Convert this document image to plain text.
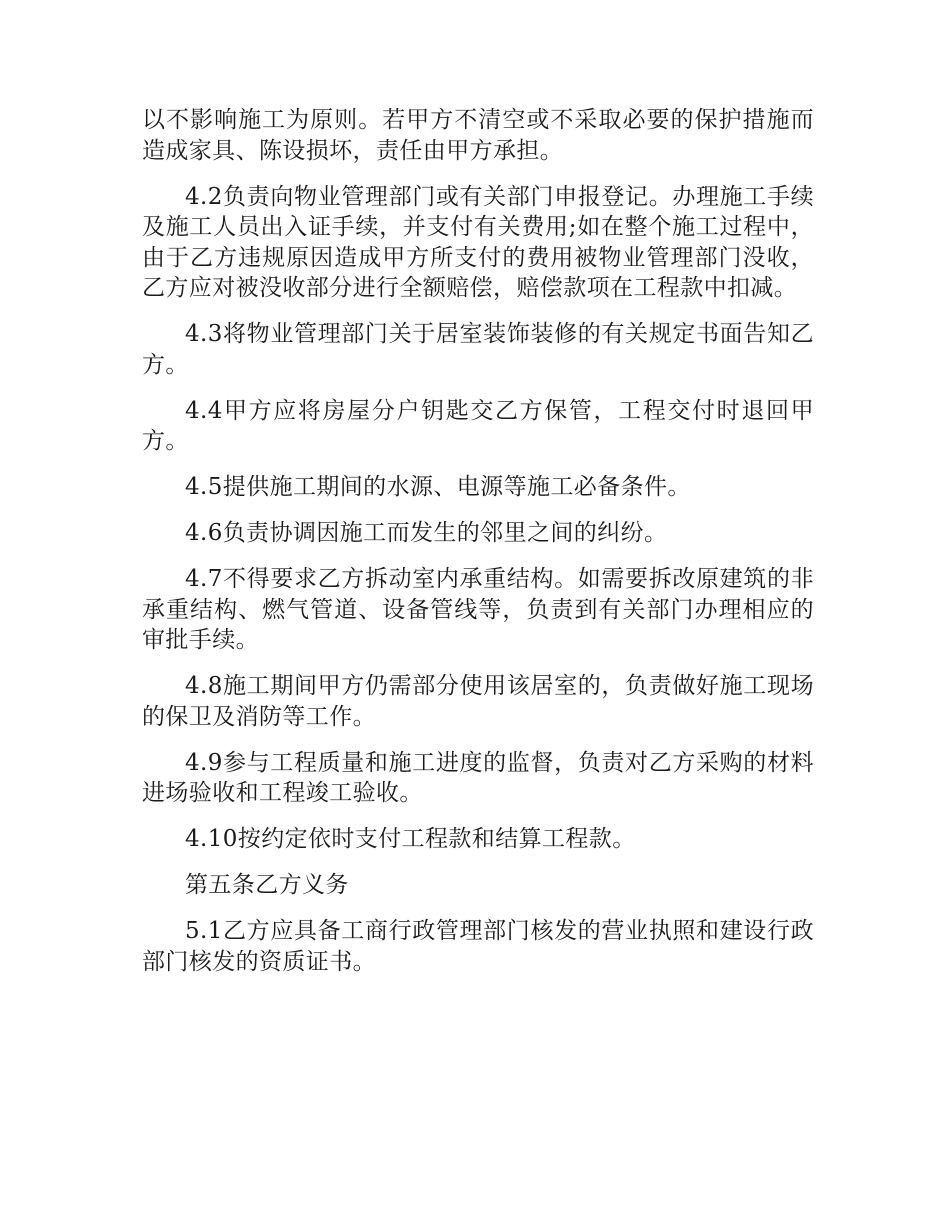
以不影响施工为原则。若甲方不清空或不采取必要的保护措施而造成家具、陈设损坏，责任由甲方承担。

4.2负责向物业管理部门或有关部门申报登记。办理施工手续及施工人员出入证手续，并支付有关费用;如在整个施工过程中，由于乙方违规原因造成甲方所支付的费用被物业管理部门没收，乙方应对被没收部分进行全额赔偿，赔偿款项在工程款中扣减。

4.3将物业管理部门关于居室装饰装修的有关规定书面告知乙方。

4.4甲方应将房屋分户钥匙交乙方保管，工程交付时退回甲方。

4.5提供施工期间的水源、电源等施工必备条件。

4.6负责协调因施工而发生的邻里之间的纠纷。

4.7不得要求乙方拆动室内承重结构。如需要拆改原建筑的非承重结构、燃气管道、设备管线等，负责到有关部门办理相应的审批手续。

4.8施工期间甲方仍需部分使用该居室的，负责做好施工现场的保卫及消防等工作。

4.9参与工程质量和施工进度的监督，负责对乙方采购的材料进场验收和工程竣工验收。

4.10按约定依时支付工程款和结算工程款。

第五条乙方义务

5.1乙方应具备工商行政管理部门核发的营业执照和建设行政部门核发的资质证书。
